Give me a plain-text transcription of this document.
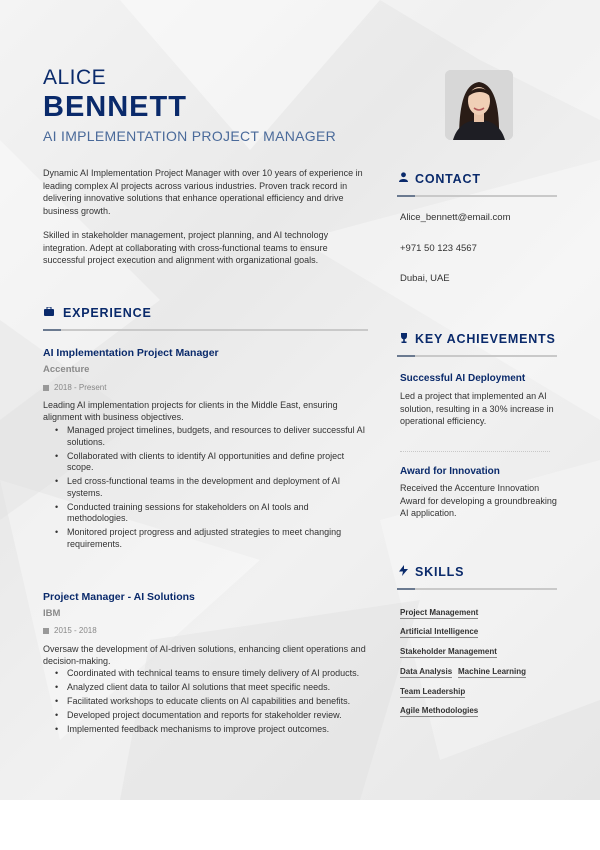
ALICE
BENNETT
AI IMPLEMENTATION PROJECT MANAGER

Dynamic AI Implementation Project Manager with over 10 years of experience in leading complex AI projects across various industries. Proven track record in delivering innovative solutions that enhance operational efficiency and drive business growth.

Skilled in stakeholder management, project planning, and AI technology integration. Adept at collaborating with cross-functional teams to ensure successful project execution and alignment with organizational goals.

EXPERIENCE
AI Implementation Project Manager
Accenture
2018 - Present
Leading AI implementation projects for clients in the Middle East, ensuring alignment with business objectives.
• Managed project timelines, budgets, and resources to deliver successful AI solutions.
• Collaborated with clients to identify AI opportunities and define project scope.
• Led cross-functional teams in the development and deployment of AI systems.
• Conducted training sessions for stakeholders on AI tools and methodologies.
• Monitored project progress and adjusted strategies to meet changing requirements.
Project Manager - AI Solutions
IBM
2015 - 2018
Oversaw the development of AI-driven solutions, enhancing client operations and decision-making.
• Coordinated with technical teams to ensure timely delivery of AI products.
• Analyzed client data to tailor AI solutions that meet specific needs.
• Facilitated workshops to educate clients on AI capabilities and benefits.
• Developed project documentation and reports for stakeholder review.
• Implemented feedback mechanisms to improve project outcomes.
CONTACT
Alice_bennett@email.com
+971 50 123 4567
Dubai, UAE
KEY ACHIEVEMENTS
Successful AI Deployment
Led a project that implemented an AI solution, resulting in a 30% increase in operational efficiency.
Award for Innovation
Received the Accenture Innovation Award for developing a groundbreaking AI application.
SKILLS
Project Management
Artificial Intelligence
Stakeholder Management
Data Analysis Machine Learning
Team Leadership
Agile Methodologies
